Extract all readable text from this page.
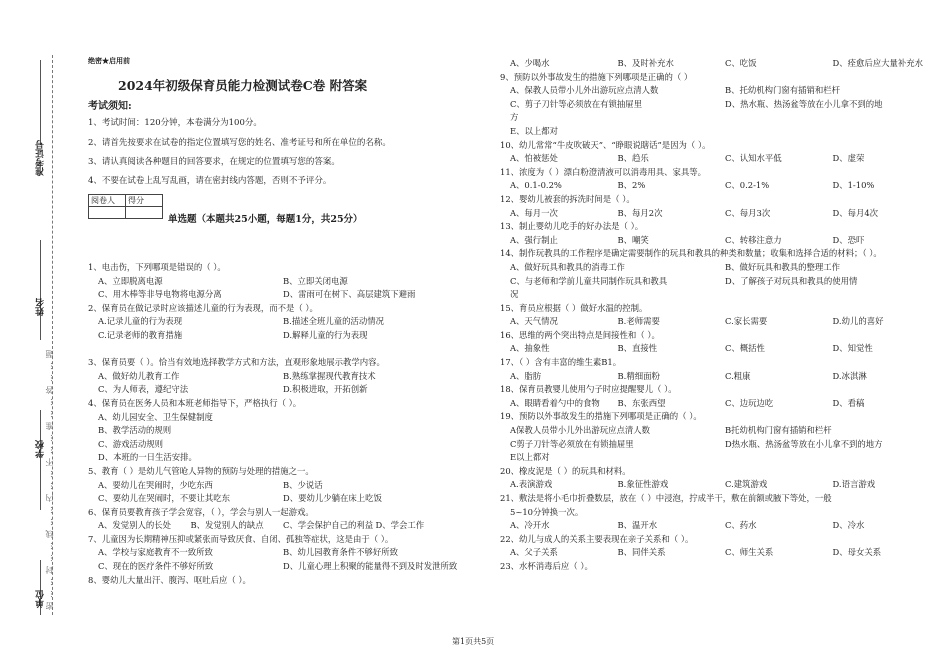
准考证号
姓名
学校
单位 密……封……线……内……不……准……答……题
绝密★启用前
2024年初级保育员能力检测试卷C卷 附答案
考试须知:
1、考试时间：120分钟，本卷满分为100分。
2、请首先按要求在试卷的指定位置填写您的姓名、准考证号和所在单位的名称。
3、请认真阅读各种题目的回答要求，在规定的位置填写您的答案。
4、不要在试卷上乱写乱画，请在密封线内答题，否则不予评分。
阅卷人	得分

单选题（本题共25小题，每题1分，共25分）
1、电击伤，下列哪项是错误的（ ）。
A、立即脱离电源	B、立即关闭电源
C、用木棒等非导电物将电源分离	D、雷雨可在树下、高层建筑下避雨
2、保育员在做记录时应该描述儿童的行为表现，而不是（ ）。
A.记录儿童的行为表现	B.描述全班儿童的活动情况
C.记录老师的教育措施	D.解释儿童的行为表现
3、保育员要（ ）。恰当有效地选择教学方式和方法，直观形象地展示教学内容。
A、做好幼儿教育工作	B.熟练掌握现代教育技术
C、为人师表，遵纪守法	D.积极进取，开拓创新
4、保育员在医务人员和本班老师指导下，严格执行（ ）。
A、幼儿园安全、卫生保健制度
B、教学活动的规则
C、游戏活动规则
D、本班的一日生活安排。
5、教育（ ）是幼儿气管呛人异物的预防与处理的措施之一。
A、要幼儿在哭闹时，少吃东西	B、少说话
C、要幼儿在哭闹时，不要让其吃东	D、要幼儿少躺在床上吃饭
6、保育员要教育孩子学会宽容，（ ），学会与别人一起游戏。
A、发觉别人的长处	B、发觉别人的缺点	C、学会保护自己的利益 D、学会工作
7、儿童因为长期精神压抑或紧张而导致厌食、自闭、孤独等症状，这是由于（ ）。
A、学校与家庭教育不一致所致	B、幼儿园教育条件不够好所致
C、现在的医疗条件不够好所致	D、儿童心理上积聚的能量得不到及时发泄所致
8、婴幼儿大量出汗、腹泻、呕吐后应（ ）。
A、少喝水	B、及时补充水	C、吃饭	D、痊愈后应大量补充水
9、预防以外事故发生的措施下列哪项是正确的（ ）
A、保教人员带小儿外出游玩应点清人数	B、托幼机构门窗有插销和栏杆
C、剪子刀针等必须放在有锁抽屉里	D、热水瓶、热汤盆等放在小儿拿不到的地
方
E、以上都对
10、幼儿常常“牛皮吹破天”、“睁眼说瞎话”是因为（ ）。
A、怕被惩处	B、趋乐	C、认知水平低	D、虚荣
11、浓度为（ ）漂白粉澄清液可以消毒用具、家具等。
A、0.1-0.2%	B、2%	C、0.2-1%	D、1-10%
12、婴幼儿被套的拆洗时间是（ ）。
A、每月一次	B、每月2次	C、每月3次	D、每月4次
13、制止婴幼儿吃手的好办法是（ ）。
A、强行制止	B、嘲笑	C、转移注意力	D、恐吓
14、制作玩教具的工作程序是确定需要制作的玩具和教具的种类和数量；收集和选择合适的材料；（ ）。
A、做好玩具和教具的消毒工作	B、做好玩具和教具的整理工作
C、与老师和学前儿童共同制作玩具和教具	D、了解孩子对玩具和教具的使用情
况
15、育员应根据（ ）做好水温的控制。
A、天气情况	B.老师需要	C.家长需要	D.幼儿的喜好
16、思维的两个突出特点是间接性和（ ）。
A、抽象性	B、直接性	C、概括性	D、知觉性
17、（ ）含有丰富的维生素B1。
A、脂肪	B.精细面粉	C.粗康	D.冰淇淋
18、保育员教婴儿使用勺子时应提醒婴儿（ ）。
A、眼睛看着勺中的食物	B、东张西望	C、边玩边吃	D、看稿
19、预防以外事故发生的措施下列哪项是正确的（ ）。
A保教人员带小儿外出游玩应点清人数	B托幼机构门窗有插销和栏杆
C剪子刀针等必须放在有锁抽屉里	D热水瓶、热汤盆等放在小儿拿不到的地方
E以上都对
20、橡皮泥是（ ）的玩具和材料。
A.表演游戏	B.象征性游戏	C.建筑游戏	D.语言游戏
21、敷法是将小毛巾折叠数层，放在（ ）中浸泡，拧成半干，敷在前额或腋下等处，一般
5~10分钟换一次。
A、冷开水	B、温开水	C、药水	D、冷水
22、幼儿与成人的关系主要表现在亲子关系和（ ）。
A、父子关系	B、同伴关系	C、师生关系	D、母女关系
23、水杯消毒后应（ ）。
第1页共5页
